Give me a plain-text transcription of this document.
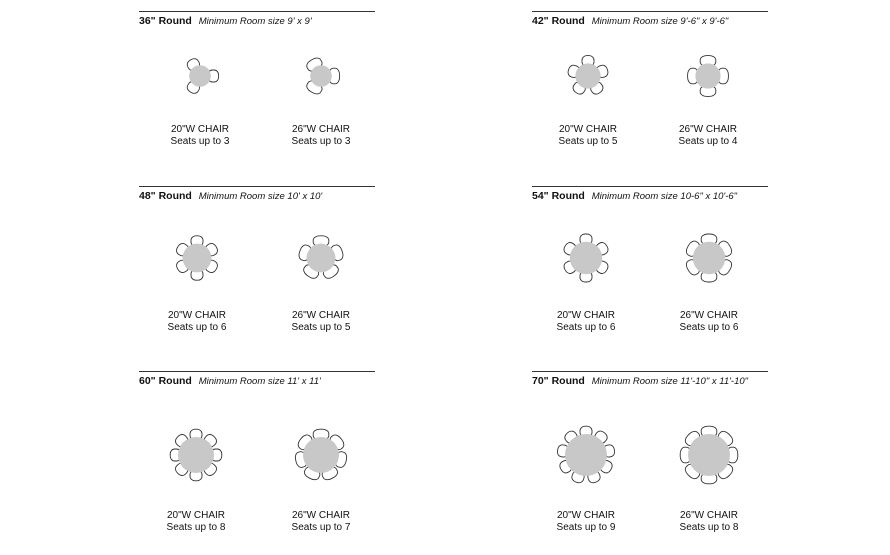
36" Round Minimum Room size 9' x 9'
20"W CHAIR
Seats up to 3
26"W CHAIR
Seats up to 3
42" Round Minimum Room size 9'-6" x 9'-6"
20"W CHAIR
Seats up to 5
26"W CHAIR
Seats up to 4
48" Round Minimum Room size 10' x 10'
20"W CHAIR
Seats up to 6
26"W CHAIR
Seats up to 5
54" Round Minimum Room size 10-6" x 10'-6"
20"W CHAIR
Seats up to 6
26"W CHAIR
Seats up to 6
60" Round Minimum Room size 11' x 11'
20"W CHAIR
Seats up to 8
26"W CHAIR
Seats up to 7
70" Round Minimum Room size 11'-10" x 11'-10"
20"W CHAIR
Seats up to 9
26"W CHAIR
Seats up to 8
